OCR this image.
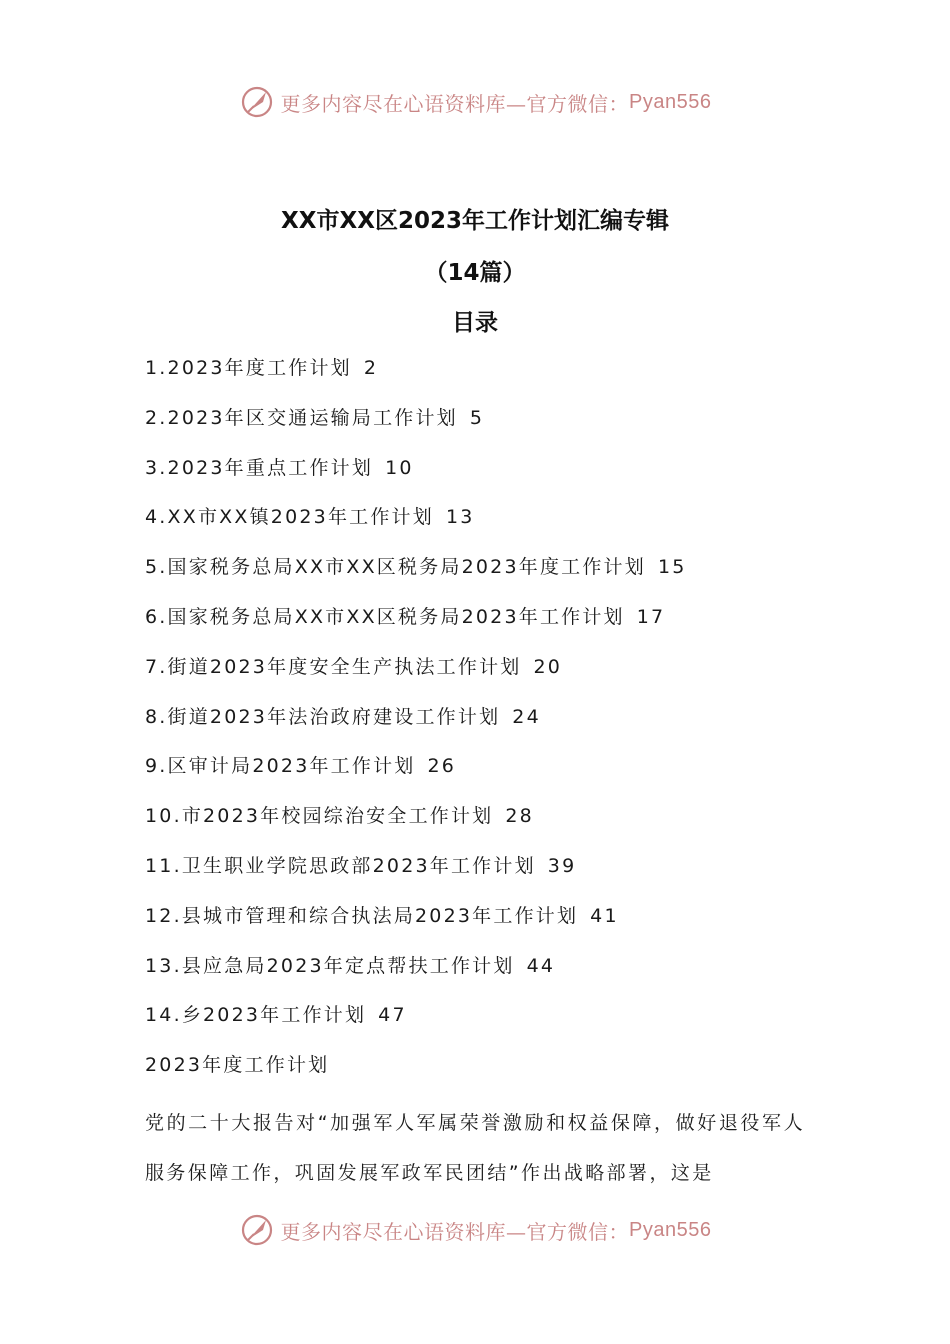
更多内容尽在心语资料库—官方微信： Pyan556
XX市XX区2023年工作计划汇编专辑
（14篇）
目录
1.2023年度工作计划 2
2.2023年区交通运输局工作计划 5
3.2023年重点工作计划 10
4.XX市XX镇2023年工作计划 13
5.国家税务总局XX市XX区税务局2023年度工作计划 15
6.国家税务总局XX市XX区税务局2023年工作计划 17
7.街道2023年度安全生产执法工作计划 20
8.街道2023年法治政府建设工作计划 24
9.区审计局2023年工作计划 26
10.市2023年校园综治安全工作计划 28
11.卫生职业学院思政部2023年工作计划 39
12.县城市管理和综合执法局2023年工作计划 41
13.县应急局2023年定点帮扶工作计划 44
14.乡2023年工作计划 47
2023年度工作计划

党的二十大报告对“加强军人军属荣誉激励和权益保障，做好退役军人服务保障工作，巩固发展军政军民团结”作出战略部署，这是

更多内容尽在心语资料库—官方微信： Pyan556
